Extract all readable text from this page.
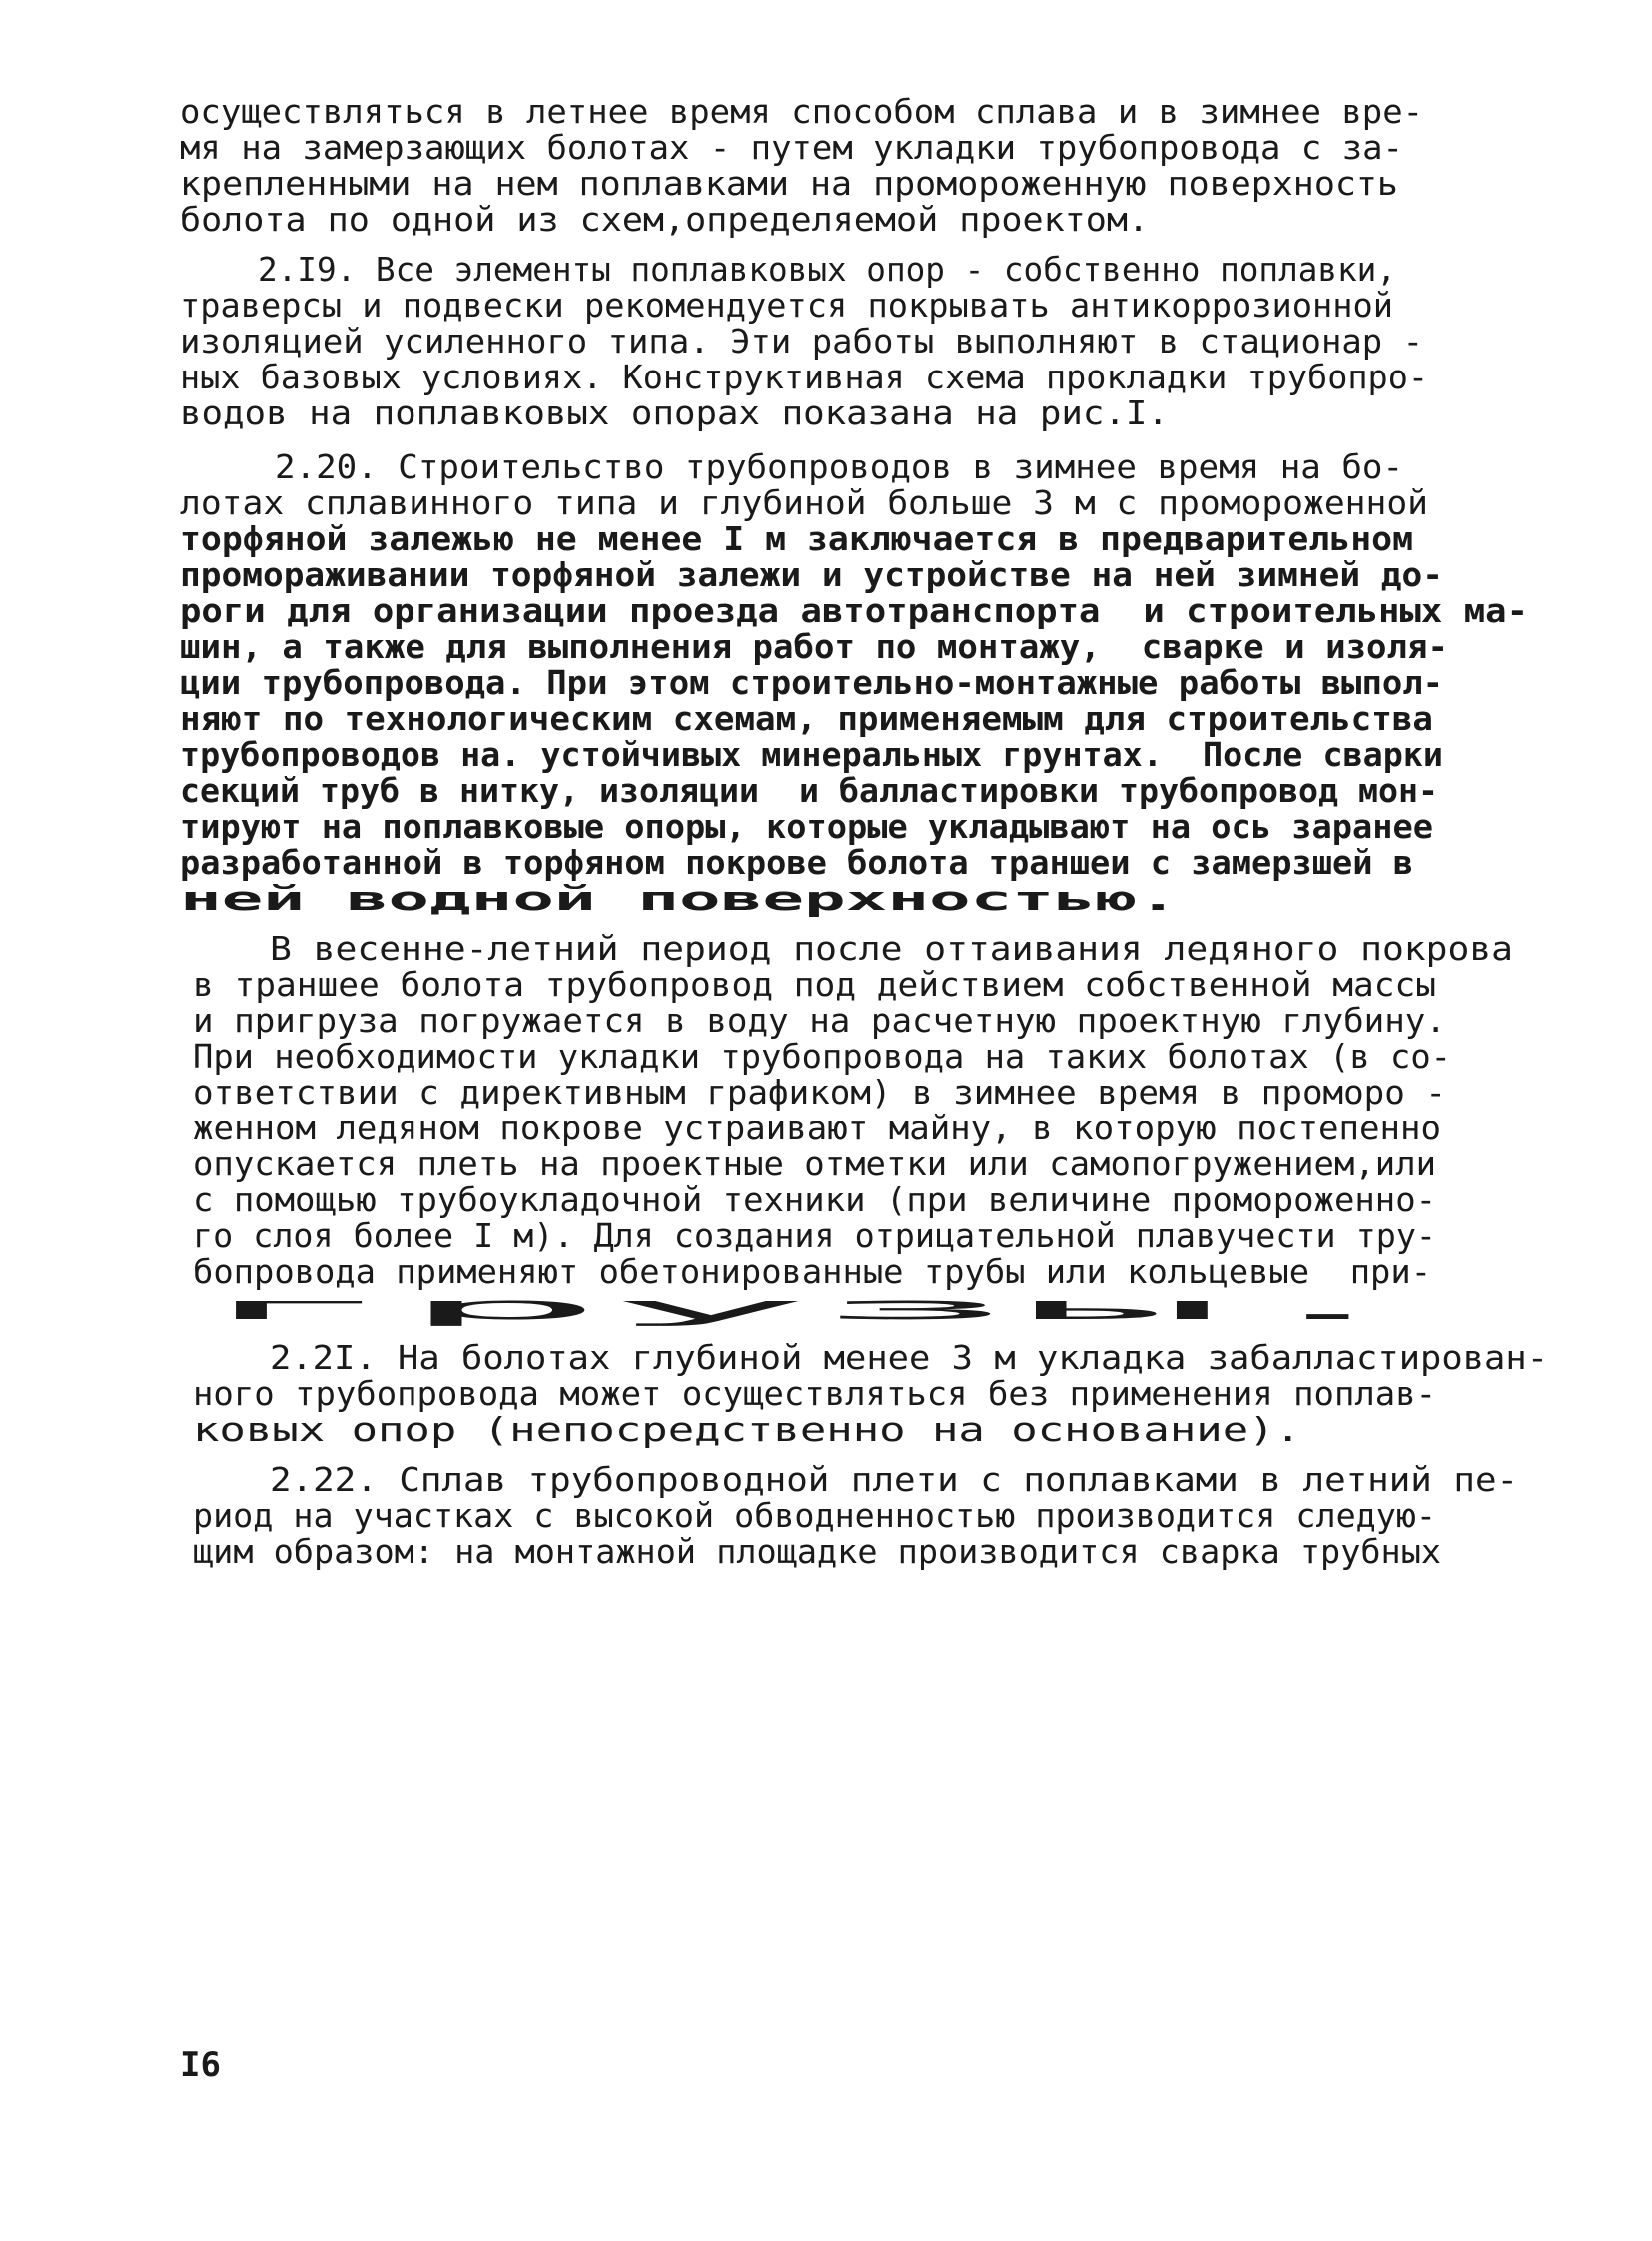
осуществляться в летнее время способом сплава и в зимнее вре-
мя на замерзающих болотах - путем укладки трубопровода с за-
крепленными на нем поплавками на промороженную поверхность
болота по одной из схем,определяемой проектом.
2.I9. Все элементы поплавковых опор - собственно поплавки,
траверсы и подвески рекомендуется покрывать антикоррозионной
изоляцией усиленного типа. Эти работы выполняют в стационар -
ных базовых условиях. Конструктивная схема прокладки трубопро-
водов на поплавковых опорах показана на рис.I.
2.20. Строительство трубопроводов в зимнее время на бо-
лотах сплавинного типа и глубиной больше 3 м с промороженной
торфяной залежью не менее I м заключается в предварительном
промораживании торфяной залежи и устройстве на ней зимней до-
роги для организации проезда автотранспорта  и строительных ма-
шин, а также для выполнения работ по монтажу,  сварке и изоля-
ции трубопровода. При этом строительно-монтажные работы выпол-
няют по технологическим схемам, применяемым для строительства
трубопроводов на. устойчивых минеральных грунтах.  После сварки
секций труб в нитку, изоляции  и балластировки трубопровод мон-
тируют на поплавковые опоры, которые укладывают на ось заранее
разработанной в торфяном покрове болота траншеи с замерзшей в
ней водной поверхностью.
В весенне-летний период после оттаивания ледяного покрова
в траншее болота трубопровод под действием собственной массы
и пригруза погружается в воду на расчетную проектную глубину.
При необходимости укладки трубопровода на таких болотах (в со-
ответствии с директивным графиком) в зимнее время в проморо -
женном ледяном покрове устраивают майну, в которую постепенно
опускается плеть на проектные отметки или самопогружением,или
с помощью трубоукладочной техники (при величине промороженно-
го слоя более I м). Для создания отрицательной плавучести тру-
бопровода применяют обетонированные трубы или кольцевые  при-
грузы.
2.2I. На болотах глубиной менее 3 м укладка забалластирован-
ного трубопровода может осуществляться без применения поплав-
ковых опор (непосредственно на основание).
2.22. Сплав трубопроводной плети с поплавками в летний пе-
риод на участках с высокой обводненностью производится следую-
щим образом: на монтажной площадке производится сварка трубных
I6
